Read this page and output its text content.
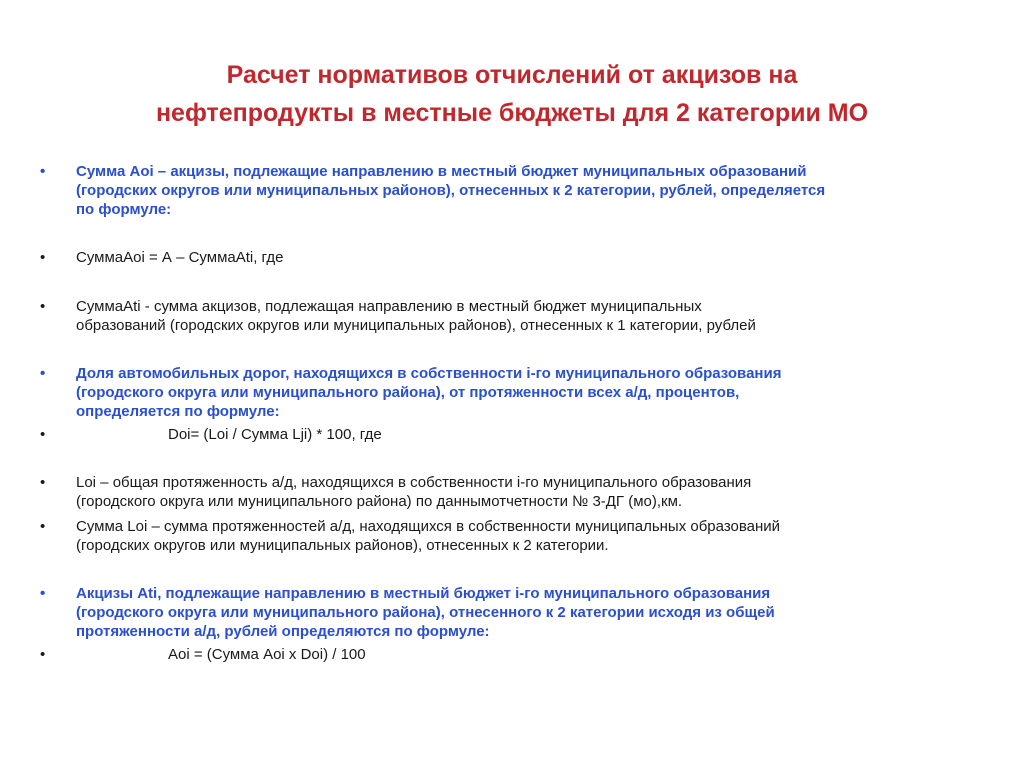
Расчет нормативов отчислений от акцизов на
нефтепродукты в местные бюджеты для 2 категории МО
• Сумма Аoi – акцизы, подлежащие направлению в местный бюджет муниципальных образований
(городских округов или муниципальных районов), отнесенных к 2 категории, рублей, определяется
по формуле:
• СуммаАoi = А – СуммаАti, где
• СуммаАti - сумма акцизов, подлежащая направлению в местный бюджет муниципальных
образований (городских округов или муниципальных районов), отнесенных к 1 категории, рублей
• Доля автомобильных дорог, находящихся в собственности i-го муниципального образования
(городского округа или муниципального района), от протяженности всех а/д, процентов,
определяется по формуле:
•	Doi= (Loi / Сумма Lji) * 100, где
• Loi – общая протяженность а/д, находящихся в собственности i-го муниципального образования
(городского округа или муниципального района) по даннымотчетности № 3-ДГ (мо),км.
• Сумма Loi – сумма протяженностей а/д, находящихся в собственности муниципальных образований
(городских округов или муниципальных районов), отнесенных к 2 категории.
• Акцизы Аti, подлежащие направлению в местный бюджет i-го муниципального образования
(городского округа или муниципального района), отнесенного к 2 категории исходя из общей
протяженности а/д, рублей определяются по формуле:
•	Аoi = (Сумма Аoi х Doi) / 100
